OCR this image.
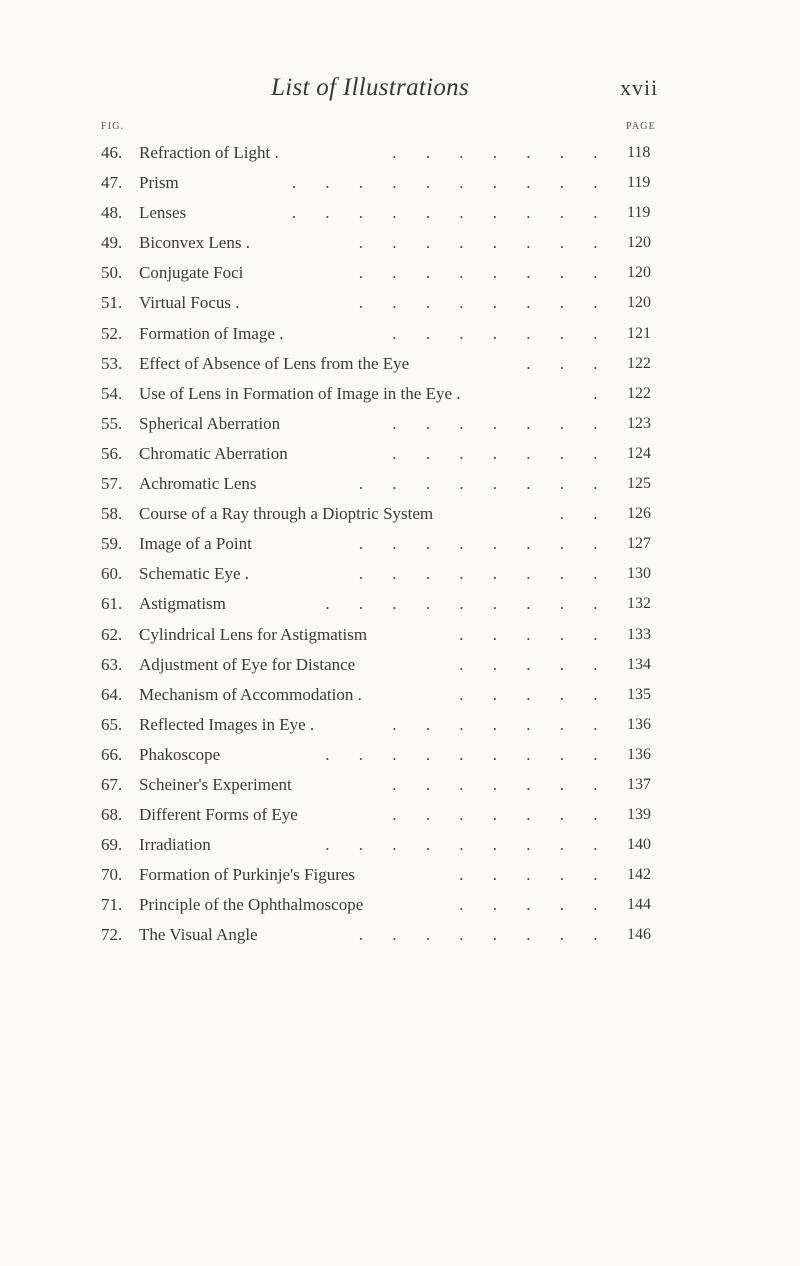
List of Illustrations	xvii
FIG.	PAGE
46. Refraction of Light .	. . . . . . . 118
47. Prism	. . . . . . . . . . 119
48. Lenses	. . . . . . . . . . 119
49. Biconvex Lens .	. . . . . . . . 120
50. Conjugate Foci	. . . . . . . . 120
51. Virtual Focus .	. . . . . . . . 120
52. Formation of Image .	. . . . . . . 121
53. Effect of Absence of Lens from the Eye	. . . 122
54. Use of Lens in Formation of Image in the Eye .	. 122
55. Spherical Aberration	. . . . . . . 123
56. Chromatic Aberration	. . . . . . . 124
57. Achromatic Lens	. . . . . . . . 125
58. Course of a Ray through a Dioptric System	. . 126
59. Image of a Point	. . . . . . . . 127
60. Schematic Eye .	. . . . . . . . 130
61. Astigmatism	. . . . . . . . . 132
62. Cylindrical Lens for Astigmatism	. . . . . 133
63. Adjustment of Eye for Distance	. . . . . 134
64. Mechanism of Accommodation .	. . . . . 135
65. Reflected Images in Eye .	. . . . . . . 136
66. Phakoscope	. . . . . . . . . 136
67. Scheiner's Experiment	. . . . . . . 137
68. Different Forms of Eye	. . . . . . . 139
69. Irradiation	. . . . . . . . . 140
70. Formation of Purkinje's Figures	. . . . . 142
71. Principle of the Ophthalmoscope	. . . . . 144
72. The Visual Angle	. . . . . . . . 146
